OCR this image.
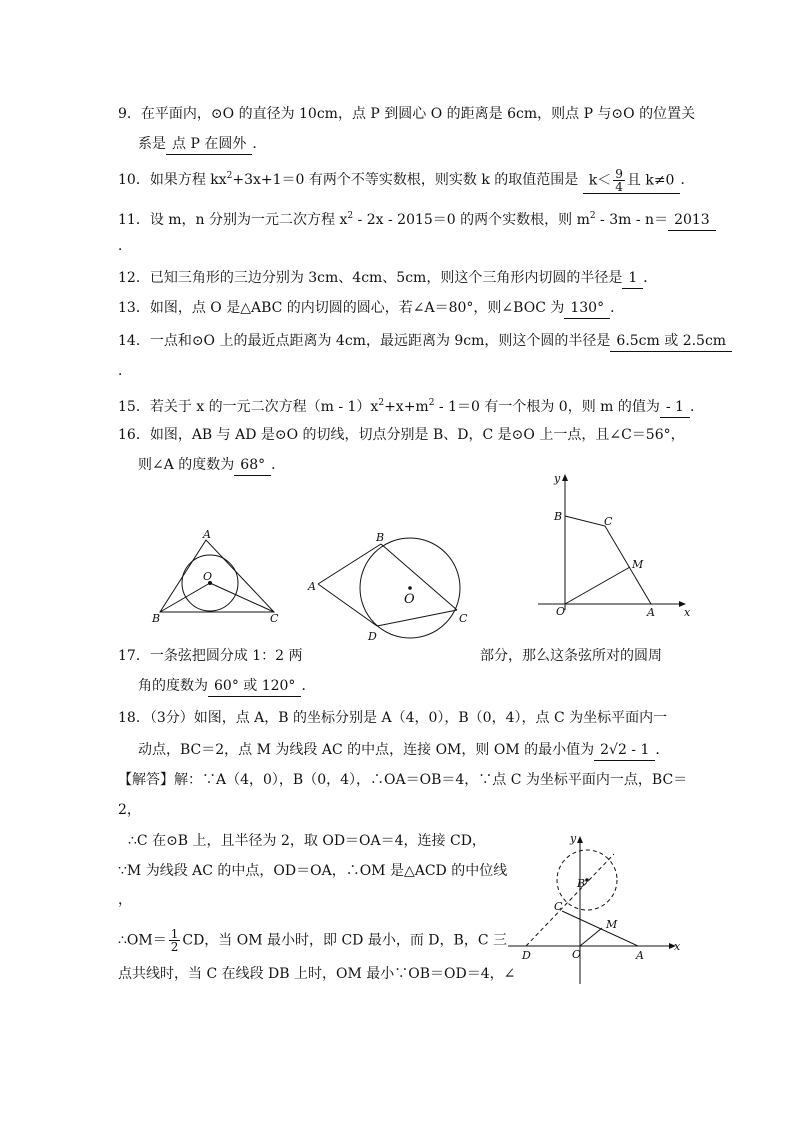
9．在平面内，⊙O 的直径为 10cm，点 P 到圆心 O 的距离是 6cm，则点 P 与⊙O 的位置关
系是 点 P 在圆外 ．
10．如果方程 $kx^2+3x+1=0$ 有两个不等实数根，则实数 k 的取值范围是 $k< \frac{9}{4}$ 且 k≠0 ．
11．设 m，n 分别为一元二次方程 $x^2 - 2x - 2015=0$ 的两个实数根，则 $m^2 - 3m - n= 2013$
．
12．已知三角形的三边分别为 3cm、4cm、5cm，则这个三角形内切圆的半径是 1 ．
13．如图，点 O 是△ABC 的内切圆的圆心，若∠A＝80°，则∠BOC 为 130° ．
14．一点和⊙O 上的最近点距离为 4cm，最远距离为 9cm，则这个圆的半径是 6.5cm 或 2.5cm
．
15．若关于 x 的一元二次方程$(m - 1)x^2+x+m^2 - 1=0$ 有一个根为 0，则 m 的值为 - 1 ．
16．如图，AB 与 AD 是⊙O 的切线，切点分别是 B、D，C 是⊙O 上一点，且∠C＝56°，
则∠A 的度数为 68° ．
A
B	C
O
A
B
C
D
O
y
x
B	C
M
O	A
17．一条弦把圆分成 1：2 两	部分，那么这条弦所对的圆周
角的度数为 60° 或 120° ．
18．（3分）如图，点 A，B 的坐标分别是 A（4，0），B（0，4），点 C 为坐标平面内一
动点，BC＝2，点 M 为线段 AC 的中点，连接 OM，则 OM 的最小值为 2√2 - 1 ．
【解答】解：∵A（4，0），B（0，4），∴OA＝OB＝4，∵点 C 为坐标平面内一点，BC＝
2，
∴C 在⊙B 上，且半径为 2，取 OD＝OA＝4，连接 CD，
∵M 为线段 AC 的中点，OD＝OA，∴OM 是△ACD 的中位线
，
∴OM＝ $\frac{1}{2}$ CD，当 OM 最小时，即 CD 最小，而 D，B，C 三
点共线时，当 C 在线段 DB 上时，OM 最小∵OB＝OD＝4，∠
y
x
B
C
M
O	A
D
